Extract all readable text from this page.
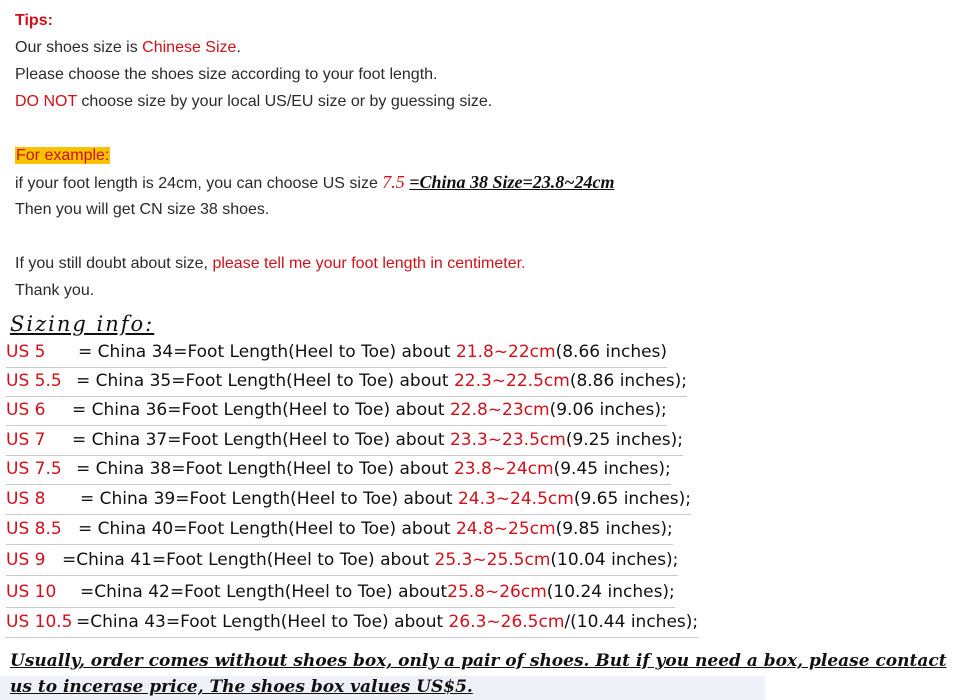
Tips:
Our shoes size is Chinese Size.
Please choose the shoes size according to your foot length.
DO NOT choose size by your local US/EU size or by guessing size.
For example:
if your foot length is 24cm, you can choose US size 7.5 =China 38 Size=23.8~24cm
Then you will get CN size 38 shoes.
If you still doubt about size, please tell me your foot length in centimeter.
Thank you.
Sizing info:
US 5 = China 34=Foot Length(Heel to Toe) about 21.8~22cm(8.66 inches)
US 5.5 = China 35=Foot Length(Heel to Toe) about 22.3~22.5cm(8.86 inches);
US 6 = China 36=Foot Length(Heel to Toe) about 22.8~23cm(9.06 inches);
US 7 = China 37=Foot Length(Heel to Toe) about 23.3~23.5cm(9.25 inches);
US 7.5 = China 38=Foot Length(Heel to Toe) about 23.8~24cm(9.45 inches);
US 8 = China 39=Foot Length(Heel to Toe) about 24.3~24.5cm(9.65 inches);
US 8.5 = China 40=Foot Length(Heel to Toe) about 24.8~25cm(9.85 inches);
US 9 =China 41=Foot Length(Heel to Toe) about 25.3~25.5cm(10.04 inches);
US 10 =China 42=Foot Length(Heel to Toe) about25.8~26cm(10.24 inches);
US 10.5 =China 43=Foot Length(Heel to Toe) about 26.3~26.5cm/(10.44 inches);
Usually, order comes without shoes box, only a pair of shoes. But if you need a box, please contact
us to incerase price, The shoes box values US$5.
